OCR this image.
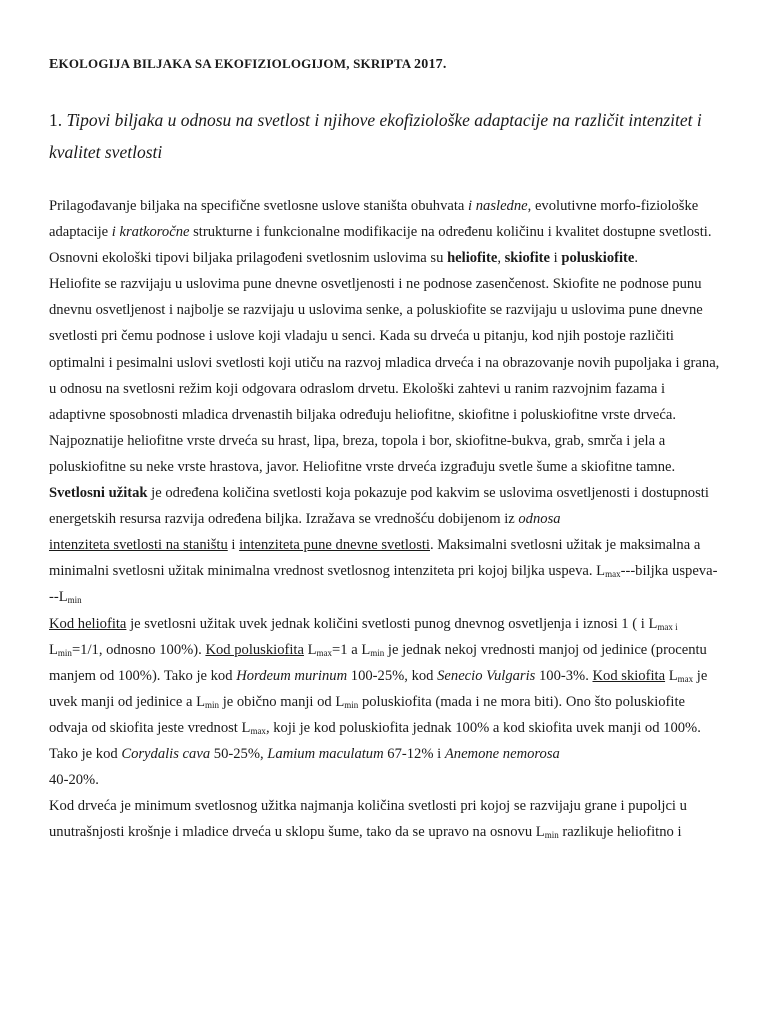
EKOLOGIJA BILJAKA SA EKOFIZIOLOGIJOM, SKRIPTA 2017.
1. Tipovi biljaka u odnosu na svetlost i njihove ekofiziološke adaptacije na različit intenzitet i kvalitet svetlosti

Prilagođavanje biljaka na specifične svetlosne uslove staništa obuhvata i nasledne, evolutivne morfo-fiziološke adaptacije i kratkoročne strukturne i funkcionalne modifikacije na određenu količinu i kvalitet dostupne svetlosti. Osnovni ekološki tipovi biljaka prilagođeni svetlosnim uslovima su heliofite, skiofite i poluskiofite.

Heliofite se razvijaju u uslovima pune dnevne osvetljenosti i ne podnose zasenčenost. Skiofite ne podnose punu dnevnu osvetljenost i najbolje se razvijaju u uslovima senke, a poluskiofite se razvijaju u uslovima pune dnevne svetlosti pri čemu podnose i uslove koji vladaju u senci. Kada su drveća u pitanju, kod njih postoje različiti optimalni i pesimalni uslovi svetlosti koji utiču na razvoj mladica drveća i na obrazovanje novih pupoljaka i grana, u odnosu na svetlosni režim koji odgovara odraslom drvetu. Ekološki zahtevi u ranim razvojnim fazama i adaptivne sposobnosti mladica drvenastih biljaka određuju heliofitne, skiofitne i poluskiofitne vrste drveća. Najpoznatije heliofitne vrste drveća su hrast, lipa, breza, topola i bor, skiofitne-bukva, grab, smrča i jela a poluskiofitne su neke vrste hrastova, javor. Heliofitne vrste drveća izgrađuju svetle šume a skiofitne tamne.

Svetlosni užitak je određena količina svetlosti koja pokazuje pod kakvim se uslovima osvetljenosti i dostupnosti energetskih resursa razvija određena biljka. Izražava se vrednošću dobijenom iz odnosa
intenziteta svetlosti na staništu i intenziteta pune dnevne svetlosti. Maksimalni svetlosni užitak je maksimalna a minimalni svetlosni užitak minimalna vrednost svetlosnog intenziteta pri kojoj biljka uspeva. $L_{max}--$-biljka uspeva-$--L_{min}$

Kod heliofita je svetlosni užitak uvek jednak količini svetlosti punog dnevnog osvetljenja i iznosi 1 ( i $L_{max i}$
$L_{min}=1/1$, odnosno 100%). Kod poluskiofita $L_{max}=1$ a $L_{min}$ je jednak nekoj vrednosti manjoj od jedinice (procentu manjem od 100%). Tako je kod Hordeum murinum 100-25%, kod Senecio Vulgaris 100-3%. Kod skiofita $L_{max}$ je uvek manji od jedinice a $L_{min}$ je obično manji od $L_{min}$ poluskiofita (mada i ne mora biti). Ono što poluskiofite odvaja od skiofita jeste vrednost $L_{max}$, koji je kod poluskiofita jednak 100% a kod skiofita uvek manji od 100%. Tako je kod Corydalis cava 50-25%, Lamium maculatum 67-12% i Anemone nemorosa
40-20%.

Kod drveća je minimum svetlosnog užitka najmanja količina svetlosti pri kojoj se razvijaju grane i pupoljci u unutrašnjosti krošnje i mladice drveća u sklopu šume, tako da se upravo na osnovu $L_{min}$ razlikuje heliofitno i
